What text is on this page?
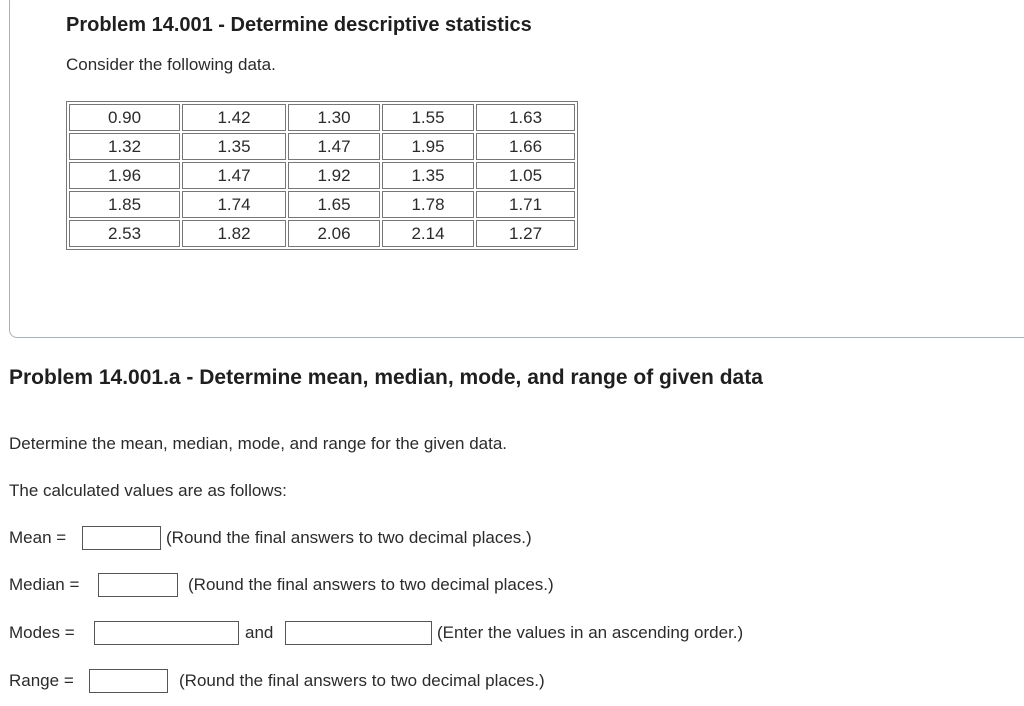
Problem 14.001 - Determine descriptive statistics

Consider the following data.

0.90	1.42	1.30	1.55	1.63
1.32	1.35	1.47	1.95	1.66
1.96	1.47	1.92	1.35	1.05
1.85	1.74	1.65	1.78	1.71
2.53	1.82	2.06	2.14	1.27
Problem 14.001.a - Determine mean, median, mode, and range of given data

Determine the mean, median, mode, and range for the given data.

The calculated values are as follows:

Mean =	(Round the final answers to two decimal places.)
Median =	(Round the final answers to two decimal places.)
Modes =	and	(Enter the values in an ascending order.)
Range =	(Round the final answers to two decimal places.)
